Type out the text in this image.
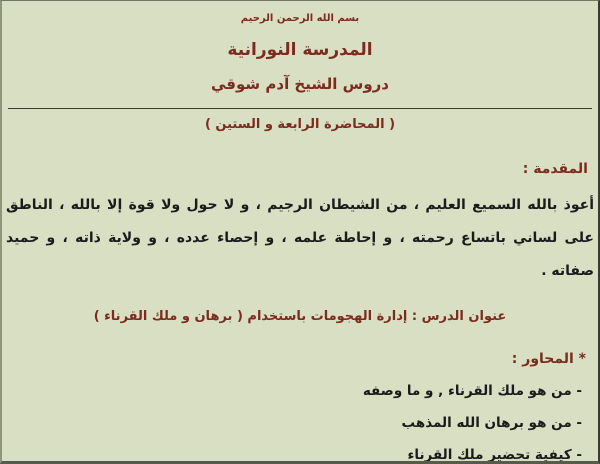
بسم الله الرحمن الرحيم
المدرسة النورانية
دروس الشيخ آدم شوقي
( المحاضرة الرابعة و الستين )
المقدمة :

أعوذ بالله السميع العليم ، من الشيطان الرجيم ، و لا حول ولا قوة إلا بالله ، الناطق على لساني باتساع رحمته ، و إحاطة علمه ، و إحصاء عدده ، و ولاية ذاته ، و حميد صفاته .

عنوان الدرس : إدارة الهجومات باستخدام ( برهان و ملك القرناء )
* المحاور :
- من هو ملك القرناء , و ما وصفه
- من هو برهان الله المذهب
- كيفية تحضير ملك القرناء
